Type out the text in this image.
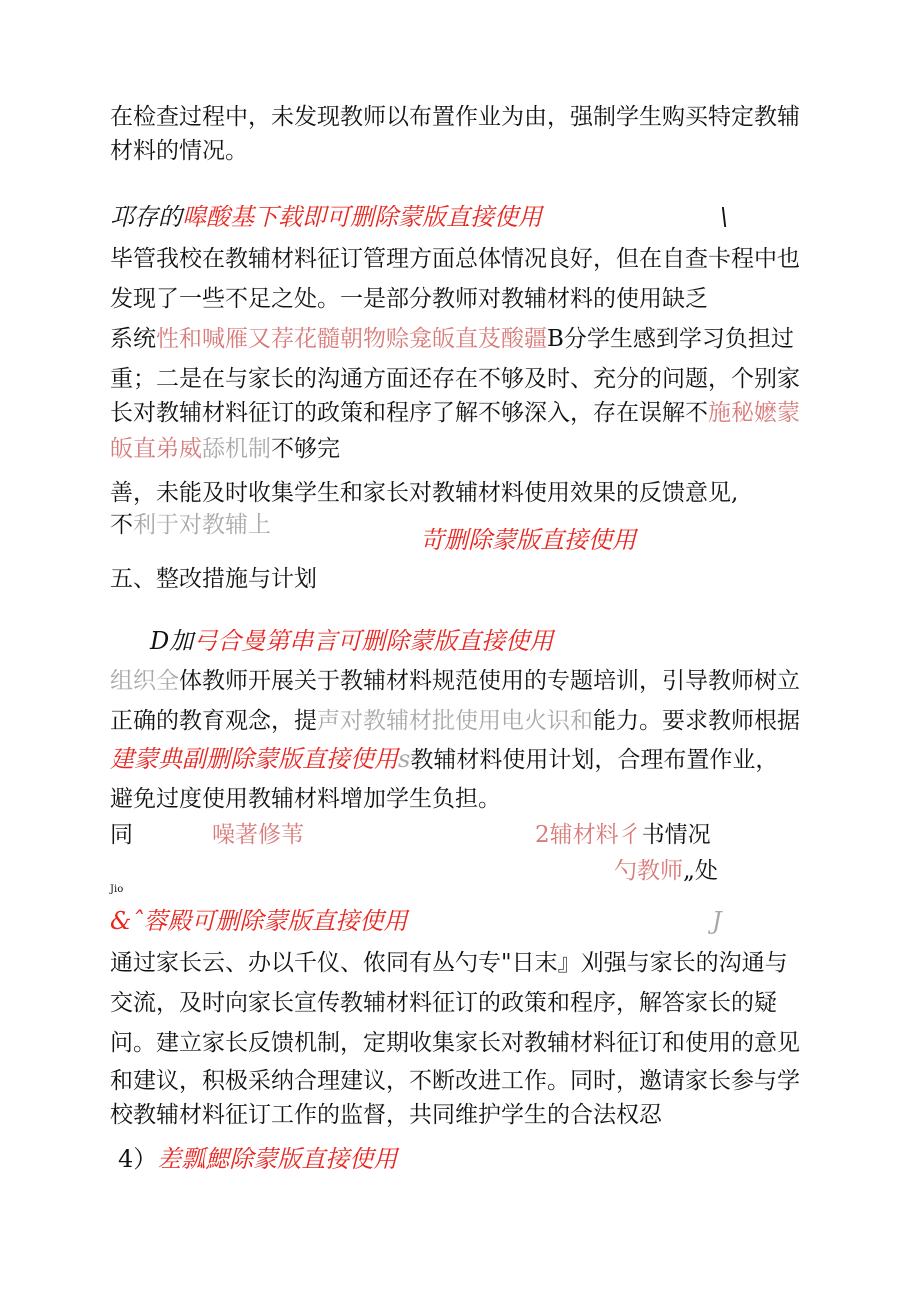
在检查过程中，未发现教师以布置作业为由，强制学生购买特定教辅
材料的情况。
邛存的嗥酸基下载即可删除蒙版直接使用	\
毕管我校在教辅材料征订管理方面总体情况良好，但在自查卡程中也
发现了一些不足之处。一是部分教师对教辅材料的使用缺乏
系统性和喊雁又荐花髓朝物赊龛皈直芨酸疆B分学生感到学习负担过
重；二是在与家长的沟通方面还存在不够及时、充分的问题，个别家
长对教辅材料征订的政策和程序了解不够深入，存在误解不施秘嬷蒙
皈直弟威舔机制不够完
善，未能及时收集学生和家长对教辅材料使用效果的反馈意见,
不利于对教辅上
苛删除蒙版直接使用
五、整改措施与计划
D加弓合曼第串言可删除蒙版直接使用
组织全体教师开展关于教辅材料规范使用的专题培训，引导教师树立
正确的教育观念，提声对教辅材批使用电火识和能力。要求教师根据
建蒙典副删除蒙版直接使用s教辅材料使用计划，合理布置作业，
避免过度使用教辅材料增加学生负担。
同	噪著修苇	2辅材料彳书情况
勺教师„处
Jio
&ˆ蓉殿可删除蒙版直接使用	J
通过家长云、办以千仪、侬同有丛勺专"日末』刈强与家长的沟通与
交流，及时向家长宣传教辅材料征订的政策和程序，解答家长的疑
问。建立家长反馈机制，定期收集家长对教辅材料征订和使用的意见
和建议，积极采纳合理建议，不断改进工作。同时，邀请家长参与学
校教辅材料征订工作的监督，共同维护学生的合法权忍
4）差瓢鰓除蒙版直接使用
